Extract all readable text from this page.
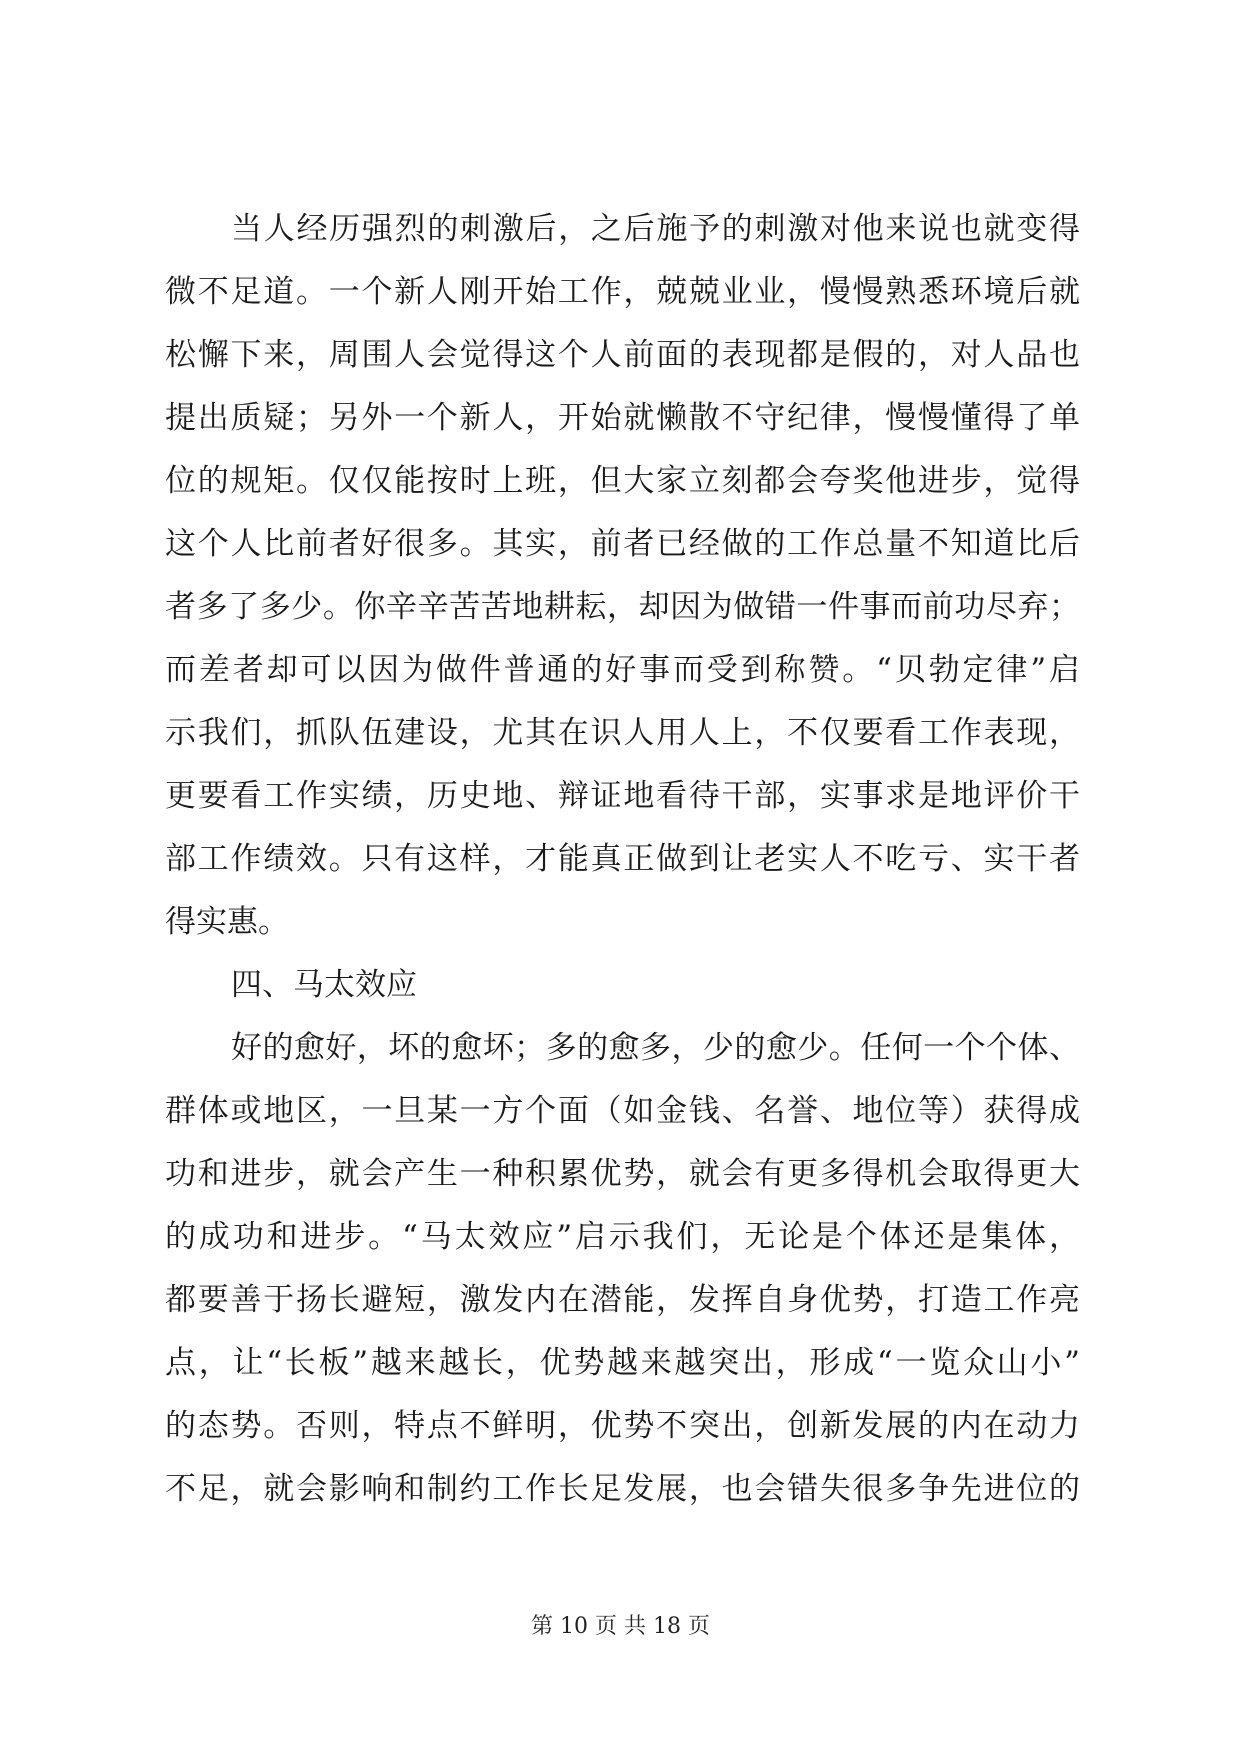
当人经历强烈的刺激后，之后施予的刺激对他来说也就变得
微不足道。一个新人刚开始工作，兢兢业业，慢慢熟悉环境后就
松懈下来，周围人会觉得这个人前面的表现都是假的，对人品也
提出质疑；另外一个新人，开始就懒散不守纪律，慢慢懂得了单
位的规矩。仅仅能按时上班，但大家立刻都会夸奖他进步，觉得
这个人比前者好很多。其实，前者已经做的工作总量不知道比后
者多了多少。你辛辛苦苦地耕耘，却因为做错一件事而前功尽弃；
而差者却可以因为做件普通的好事而受到称赞。“贝勃定律”启
示我们，抓队伍建设，尤其在识人用人上，不仅要看工作表现，
更要看工作实绩，历史地、辩证地看待干部，实事求是地评价干
部工作绩效。只有这样，才能真正做到让老实人不吃亏、实干者
得实惠。
四、马太效应
好的愈好，坏的愈坏；多的愈多，少的愈少。任何一个个体、
群体或地区，一旦某一方个面（如金钱、名誉、地位等）获得成
功和进步，就会产生一种积累优势，就会有更多得机会取得更大
的成功和进步。“马太效应”启示我们，无论是个体还是集体，
都要善于扬长避短，激发内在潜能，发挥自身优势，打造工作亮
点，让“长板”越来越长，优势越来越突出，形成“一览众山小”
的态势。否则，特点不鲜明，优势不突出，创新发展的内在动力
不足，就会影响和制约工作长足发展，也会错失很多争先进位的
第 10 页 共 18 页
